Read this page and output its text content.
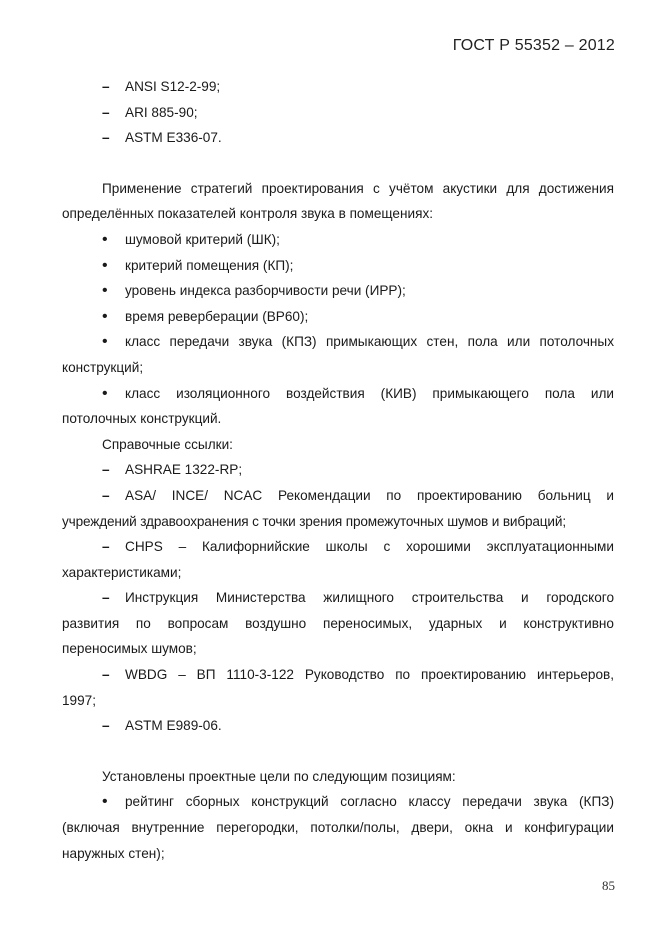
ГОСТ Р 55352 – 2012
–	ANSI S12-2-99;
–	ARI 885-90;
–	ASTM E336-07.
Применение стратегий проектирования с учётом акустики для достижения
определённых показателей контроля звука в помещениях:
•	шумовой критерий (ШК);
•	критерий помещения (КП);
•	уровень индекса разборчивости речи (ИРР);
•	время реверберации (ВР60);
•	класс передачи звука (КПЗ) примыкающих стен, пола или потолочных
конструкций;
•	класс изоляционного воздействия (КИВ) примыкающего пола или
потолочных конструкций.
Справочные ссылки:
–	ASHRAE 1322-RP;
–	ASA/ INCE/ NCAC Рекомендации по проектированию больниц и
учреждений здравоохранения с точки зрения промежуточных шумов и вибраций;
–	CHPS – Калифорнийские школы с хорошими эксплуатационными
характеристиками;
–	Инструкция Министерства жилищного строительства и городского
развития по вопросам воздушно переносимых, ударных и конструктивно
переносимых шумов;
–	WBDG – ВП 1110-3-122 Руководство по проектированию интерьеров,
1997;
–	ASTM E989-06.
Установлены проектные цели по следующим позициям:
•	рейтинг сборных конструкций согласно классу передачи звука (КПЗ)
(включая внутренние перегородки, потолки/полы, двери, окна и конфигурации
наружных стен);
85
